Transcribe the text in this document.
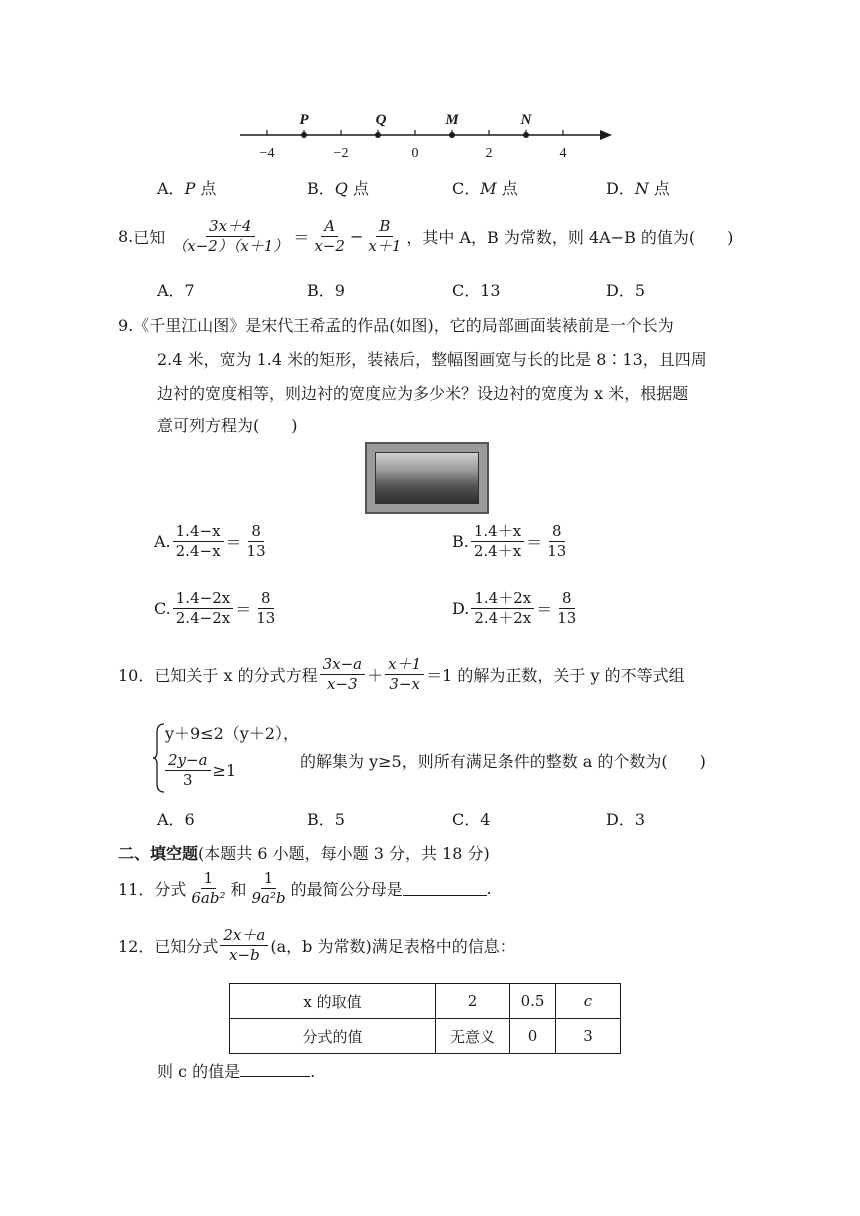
P	Q	M	N
−4	−2	0	2	4
A．P 点	B．Q 点	C．M 点	D．N 点
8. 已知 $\frac{3x+4}{(x-2)(x+1)} = \frac{A}{x-2} - \frac{B}{x+1}$ ，其中 A，B 为常数，则 4A−B 的值为(　　)
A．7	B．9	C．13	D．5
9.《千里江山图》是宋代王希孟的作品(如图)，它的局部画面装裱前是一个长为
2.4 米，宽为 1.4 米的矩形，装裱后，整幅图画宽与长的比是 8∶13，且四周
边衬的宽度相等，则边衬的宽度应为多少米？设边衬的宽度为 x 米，根据题
意可列方程为(　　)
A. $\frac{1.4-x}{2.4-x} = \frac{8}{13}$	B. $\frac{1.4+x}{2.4+x} = \frac{8}{13}$
C. $\frac{1.4-2x}{2.4-2x} = \frac{8}{13}$	D. $\frac{1.4+2x}{2.4+2x} = \frac{8}{13}$
10． 已知关于 x 的分式方程 $\frac{3x-a}{x-3} + \frac{x+1}{3-x} =1$ 的解为正数，关于 y 的不等式组
y＋9≤2（y＋2），
$\frac{2y-a}{3} \ge 1$	的解集为 y≥5，则所有满足条件的整数 a 的个数为(　　)
A．6	B．5	C．4	D．3
二、填空题(本题共 6 小题，每小题 3 分，共 18 分)
11． 分式 $\frac{1}{\text{6ab²}}$ 和 $\frac{1}{\text{9a²b}}$ 的最简公分母是	.
12． 已知分式 $\frac{2x+a}{x-b} (a$，b 为常数)满足表格中的信息：
x 的取值	2	0.5	c
分式的值	无意义	0	3
则 c 的值是	.
